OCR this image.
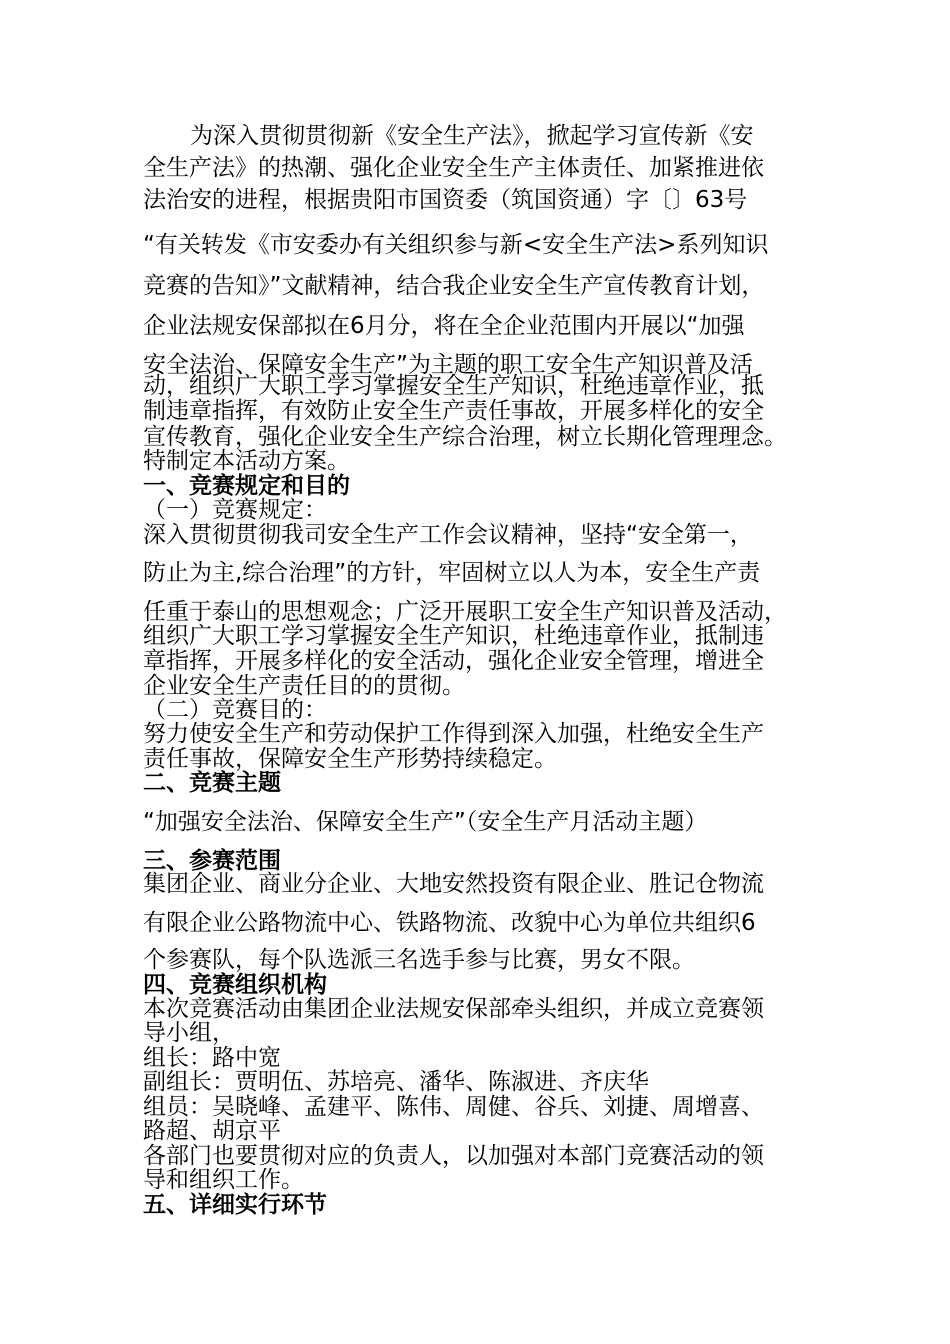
为深入贯彻贯彻新《安全生产法》，掀起学习宣传新《安

全生产法》的热潮、强化企业安全生产主体责任、加紧推进依

法治安的进程，根据贵阳市国资委（筑国资通）字〔〕63号

“有关转发《市安委办有关组织参与新<安全生产法>系列知识

竞赛的告知》”文献精神，结合我企业安全生产宣传教育计划，

企业法规安保部拟在6月分，将在全企业范围内开展以“加强

安全法治、保障安全生产”为主题的职工安全生产知识普及活

动，组织广大职工学习掌握安全生产知识，杜绝违章作业，抵

制违章指挥，有效防止安全生产责任事故，开展多样化的安全

宣传教育，强化企业安全生产综合治理，树立长期化管理理念。

特制定本活动方案。

一、竞赛规定和目的

（一）竞赛规定：

深入贯彻贯彻我司安全生产工作会议精神，坚持“安全第一，

防止为主,综合治理”的方针，牢固树立以人为本，安全生产责

任重于泰山的思想观念；广泛开展职工安全生产知识普及活动，

组织广大职工学习掌握安全生产知识，杜绝违章作业，抵制违

章指挥，开展多样化的安全活动，强化企业安全管理，增进全

企业安全生产责任目的的贯彻。

（二）竞赛目的：

努力使安全生产和劳动保护工作得到深入加强，杜绝安全生产

责任事故，保障安全生产形势持续稳定。

二、竞赛主题

“加强安全法治、保障安全生产”（安全生产月活动主题）

三、参赛范围

集团企业、商业分企业、大地安然投资有限企业、胜记仓物流

有限企业公路物流中心、铁路物流、改貌中心为单位共组织6

个参赛队，每个队选派三名选手参与比赛，男女不限。

四、竞赛组织机构

本次竞赛活动由集团企业法规安保部牵头组织，并成立竞赛领

导小组，

组长：路中宽

副组长：贾明伍、苏培亮、潘华、陈淑进、齐庆华

组员：吴晓峰、孟建平、陈伟、周健、谷兵、刘捷、周增喜、

路超、胡京平

各部门也要贯彻对应的负责人，以加强对本部门竞赛活动的领

导和组织工作。

五、详细实行环节
